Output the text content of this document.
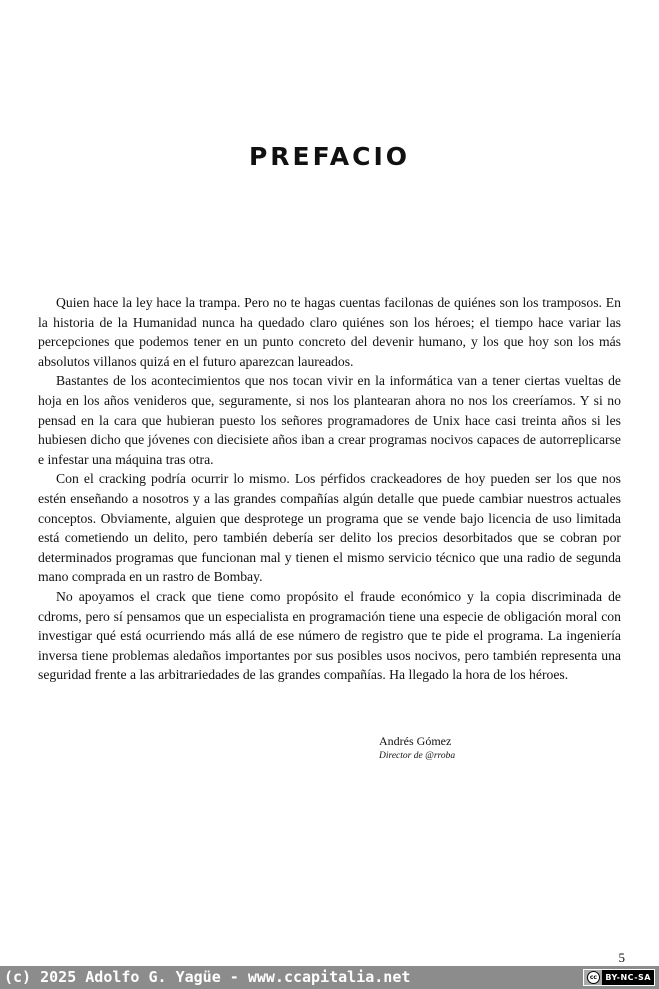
PREFACIO

Quien hace la ley hace la trampa. Pero no te hagas cuentas facilonas de quiénes son los tramposos. En la historia de la Humanidad nunca ha quedado claro quiénes son los héroes; el tiempo hace variar las percepciones que podemos tener en un punto concreto del devenir humano, y los que hoy son los más absolutos villanos quizá en el futuro aparezcan laureados.

Bastantes de los acontecimientos que nos tocan vivir en la informática van a tener ciertas vueltas de hoja en los años venideros que, seguramente, si nos los plantearan ahora no nos los creeríamos. Y si no pensad en la cara que hubieran puesto los señores programadores de Unix hace casi treinta años si les hubiesen dicho que jóvenes con diecisiete años iban a crear programas nocivos capaces de autorreplicarse e infestar una máquina tras otra.

Con el cracking podría ocurrir lo mismo. Los pérfidos crackeadores de hoy pueden ser los que nos estén enseñando a nosotros y a las grandes compañías algún detalle que puede cambiar nuestros actuales conceptos. Obviamente, alguien que desprotege un programa que se vende bajo licencia de uso limitada está cometiendo un delito, pero también debería ser delito los precios desorbitados que se cobran por determinados programas que funcionan mal y tienen el mismo servicio técnico que una radio de segunda mano comprada en un rastro de Bombay.

No apoyamos el crack que tiene como propósito el fraude económico y la copia discriminada de cdroms, pero sí pensamos que un especialista en programación tiene una especie de obligación moral con investigar qué está ocurriendo más allá de ese número de registro que te pide el programa. La ingeniería inversa tiene problemas aledaños importantes por sus posibles usos nocivos, pero también representa una seguridad frente a las arbitrariedades de las grandes compañías. Ha llegado la hora de los héroes.

Andrés Gómez
Director de @rroba
5
(c) 2025 Adolfo G. Yagüe - www.ccapitalia.net	cc	BY-NC-SA
